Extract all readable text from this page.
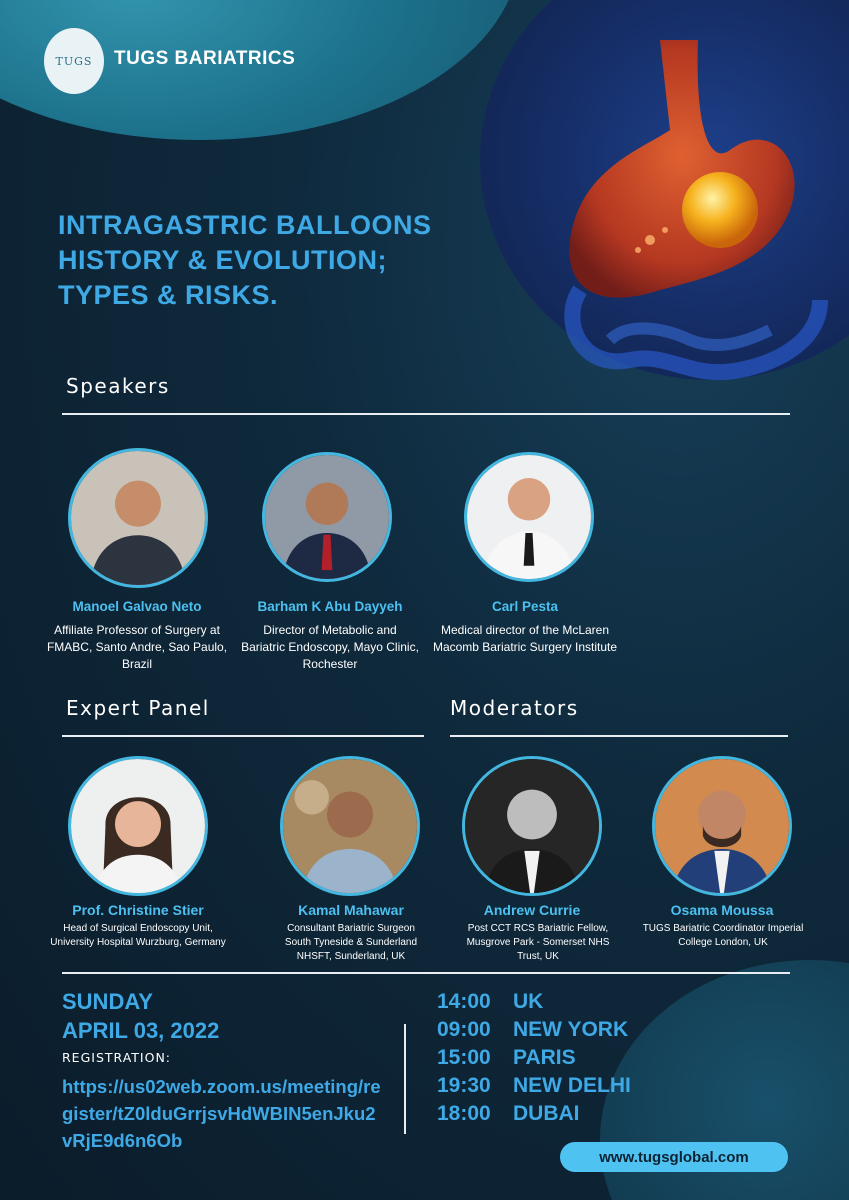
TUGS TUGS BARIATRICS
INTRAGASTRIC BALLOONS
HISTORY & EVOLUTION;
TYPES & RISKS.
Speakers
Manoel Galvao Neto
Affiliate Professor of Surgery at FMABC, Santo Andre, Sao Paulo, Brazil
Barham K Abu Dayyeh
Director of Metabolic and Bariatric Endoscopy, Mayo Clinic, Rochester
Carl Pesta
Medical director of the McLaren Macomb Bariatric Surgery Institute
Expert Panel	Moderators
Prof. Christine Stier
Head of Surgical Endoscopy Unit, University Hospital Wurzburg, Germany
Kamal Mahawar
Consultant Bariatric Surgeon South Tyneside & Sunderland NHSFT, Sunderland, UK
Andrew Currie
Post CCT RCS Bariatric Fellow, Musgrove Park - Somerset NHS Trust, UK
Osama Moussa
TUGS Bariatric Coordinator Imperial College London, UK
SUNDAY
APRIL 03, 2022
REGISTRATION:
https://us02web.zoom.us/meeting/register/tZ0lduGrrjsvHdWBIN5enJku2vRjE9d6n6Ob
14:00 UK
09:00 NEW YORK
15:00 PARIS
19:30 NEW DELHI
18:00 DUBAI
www.tugsglobal.com
